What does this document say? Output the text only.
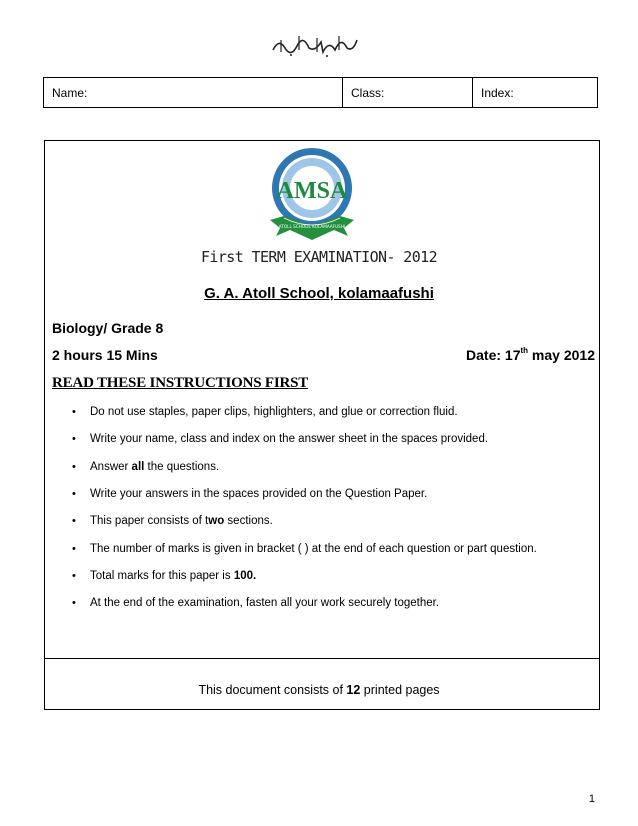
Name:	Class:	Index:
AMSA
ATOLL SCHOOL KOLAMAAFUSHI
First TERM EXAMINATION- 2012
G. A. Atoll School, kolamaafushi
Biology/ Grade 8
2 hours 15 Mins	Date: 17th may 2012
READ THESE INSTRUCTIONS FIRST
• Do not use staples, paper clips, highlighters, and glue or correction fluid.
• Write your name, class and index on the answer sheet in the spaces provided.
• Answer all the questions.
• Write your answers in the spaces provided on the Question Paper.
• This paper consists of two sections.
• The number of marks is given in bracket ( ) at the end of each question or part question.
• Total marks for this paper is 100.
• At the end of the examination, fasten all your work securely together.
This document consists of 12 printed pages
1
